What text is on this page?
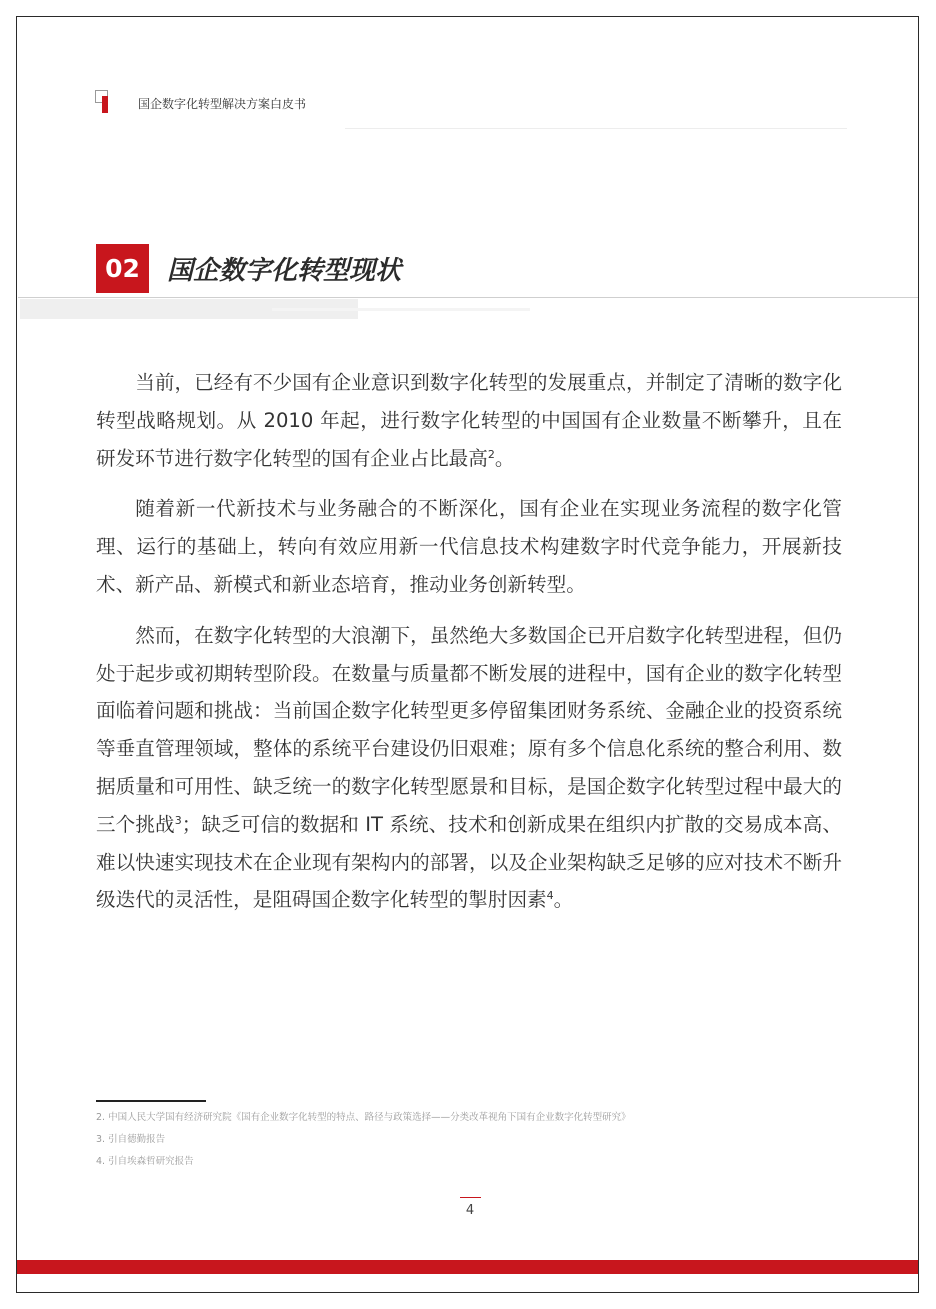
国企数字化转型解决方案白皮书
02	国企数字化转型现状

当前，已经有不少国有企业意识到数字化转型的发展重点，并制定了清晰的数字化转型战略规划。从 2010 年起，进行数字化转型的中国国有企业数量不断攀升，且在研发环节进行数字化转型的国有企业占比最高$^2$。

随着新一代新技术与业务融合的不断深化，国有企业在实现业务流程的数字化管理、运行的基础上，转向有效应用新一代信息技术构建数字时代竞争能力，开展新技术、新产品、新模式和新业态培育，推动业务创新转型。

然而，在数字化转型的大浪潮下，虽然绝大多数国企已开启数字化转型进程，但仍处于起步或初期转型阶段。在数量与质量都不断发展的进程中，国有企业的数字化转型面临着问题和挑战：当前国企数字化转型更多停留集团财务系统、金融企业的投资系统等垂直管理领域，整体的系统平台建设仍旧艰难；原有多个信息化系统的整合利用、数据质量和可用性、缺乏统一的数字化转型愿景和目标，是国企数字化转型过程中最大的三个挑战$^3$；缺乏可信的数据和 IT 系统、技术和创新成果在组织内扩散的交易成本高、难以快速实现技术在企业现有架构内的部署，以及企业架构缺乏足够的应对技术不断升级迭代的灵活性，是阻碍国企数字化转型的掣肘因素$^4$。

2. 中国人民大学国有经济研究院《国有企业数字化转型的特点、路径与政策选择——分类改革视角下国有企业数字化转型研究》
3. 引自德勤报告
4. 引自埃森哲研究报告
4
